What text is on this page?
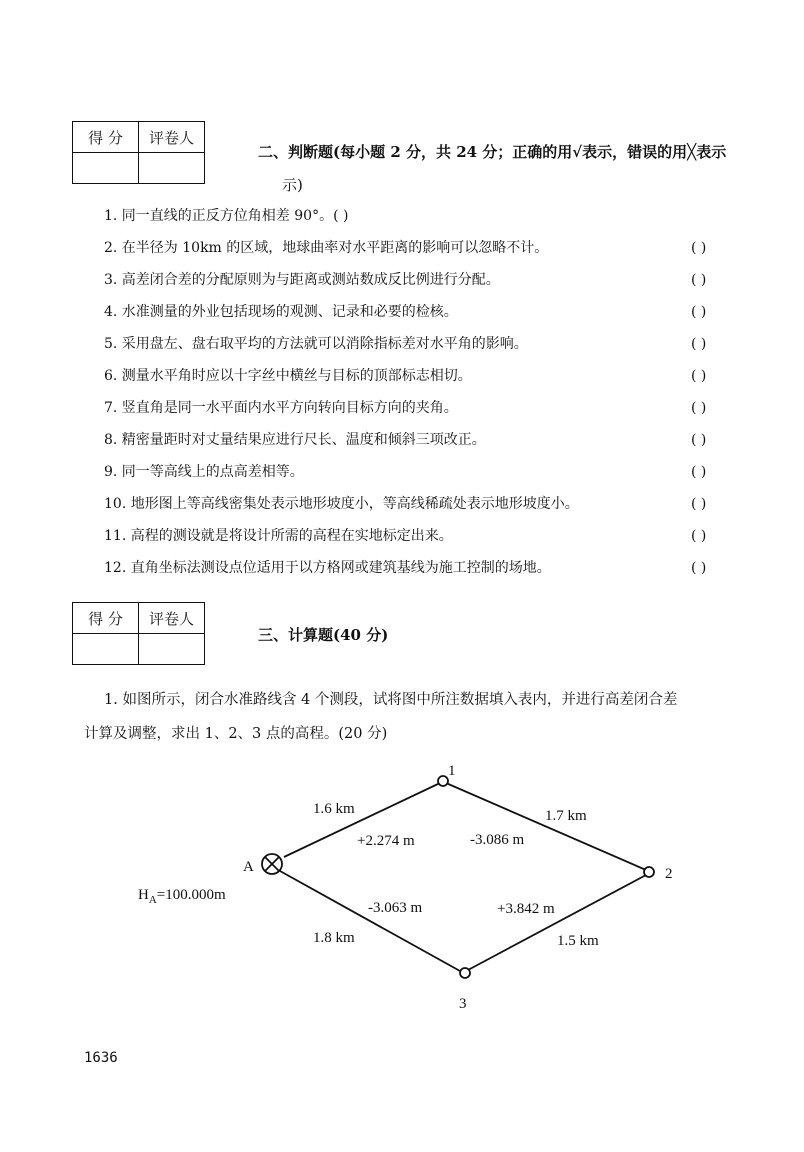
得 分	评卷人

二、判断题(每小题 2 分，共 24 分；正确的用√表示，错误的用╳表示
示)
1. 同一直线的正反方位角相差 90°。( )
2. 在半径为 10km 的区域，地球曲率对水平距离的影响可以忽略不计。	( )
3. 高差闭合差的分配原则为与距离或测站数成反比例进行分配。	( )
4. 水准测量的外业包括现场的观测、记录和必要的检核。	( )
5. 采用盘左、盘右取平均的方法就可以消除指标差对水平角的影响。	( )
6. 测量水平角时应以十字丝中横丝与目标的顶部标志相切。	( )
7. 竖直角是同一水平面内水平方向转向目标方向的夹角。	( )
8. 精密量距时对丈量结果应进行尺长、温度和倾斜三项改正。	( )
9. 同一等高线上的点高差相等。	( )
10. 地形图上等高线密集处表示地形坡度小，等高线稀疏处表示地形坡度小。	( )
11. 高程的测设就是将设计所需的高程在实地标定出来。	( )
12. 直角坐标法测设点位适用于以方格网或建筑基线为施工控制的场地。	( )
得 分	评卷人

三、计算题(40 分)
1. 如图所示，闭合水准路线含 4 个测段，试将图中所注数据填入表内，并进行高差闭合差
计算及调整，求出 1、2、3 点的高程。(20 分)
A
1
2
3
$H_A=100.000m$
1.6 km	1.7 km
1.8 km	1.5 km
+2.274 m	-3.086 m
-3.063 m	+3.842 m
1636
